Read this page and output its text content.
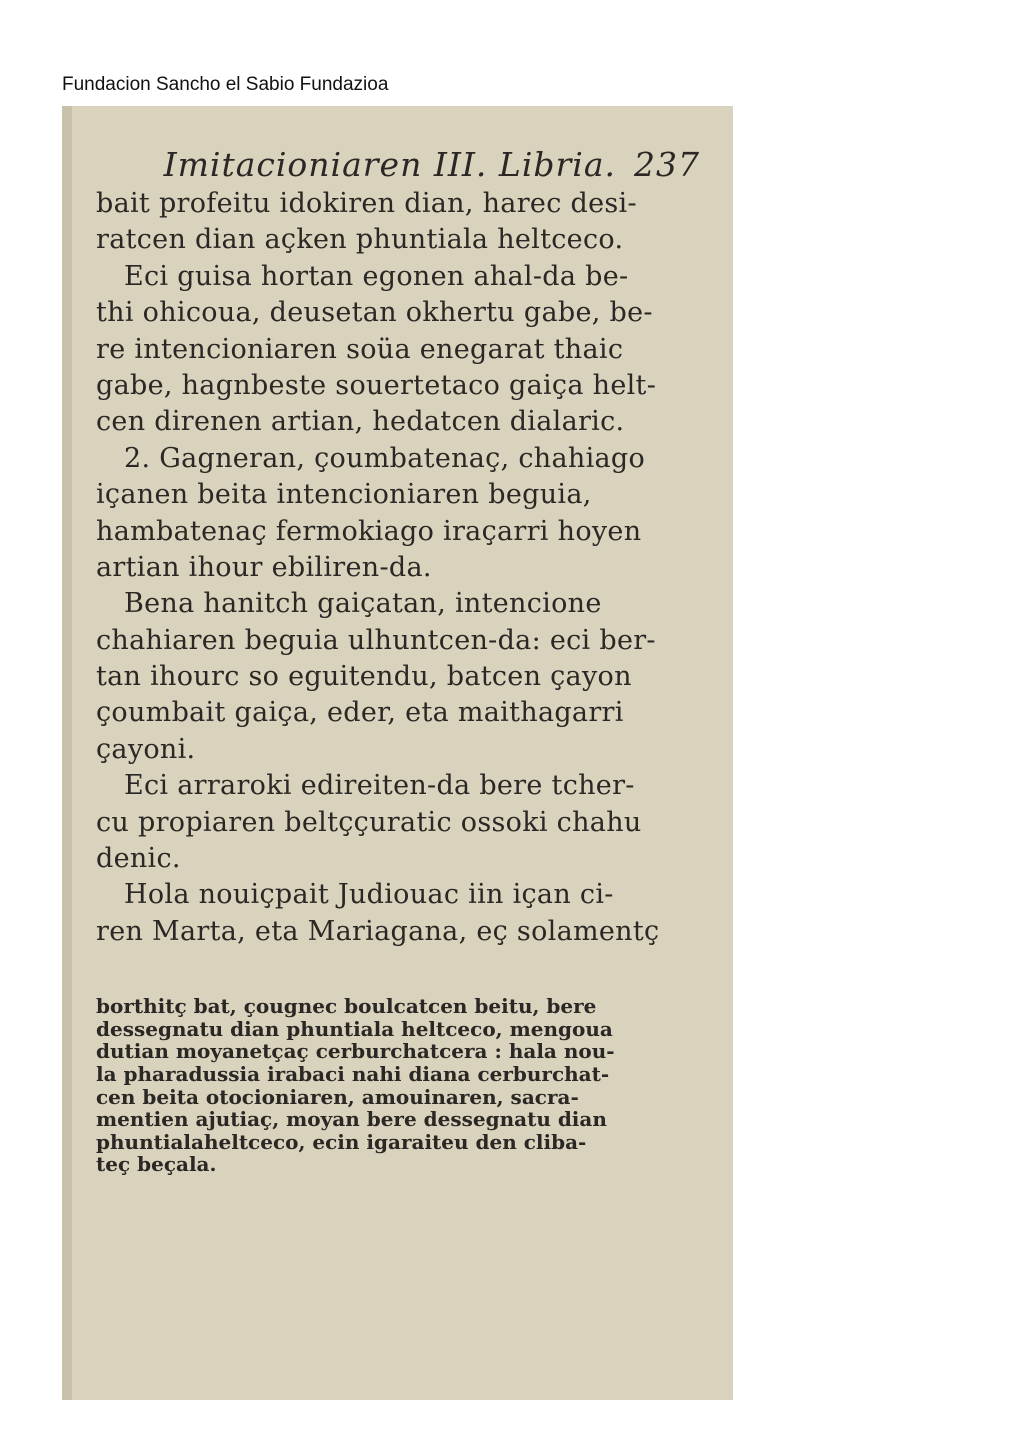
Fundacion Sancho el Sabio Fundazioa
Imitacioniaren III. Libria. 237
bait profeitu idokiren dian, harec desi-
ratcen dian açken phuntiala heltceco.
Eci guisa hortan egonen ahal-da be-
thi ohicoua, deusetan okhertu gabe, be-
re intencioniaren soüa enegarat thaic
gabe, hagnbeste souertetaco gaiça helt-
cen direnen artian, hedatcen dialaric.
2. Gagneran, çoumbatenaç, chahiago
içanen beita intencioniaren beguia,
hambatenaç fermokiago iraçarri hoyen
artian ihour ebiliren-da.
Bena hanitch gaiçatan, intencione
chahiaren beguia ulhuntcen-da: eci ber-
tan ihourc so eguitendu, batcen çayon
çoumbait gaiça, eder, eta maithagarri
çayoni.
Eci arraroki edireiten-da bere tcher-
cu propiaren beltççuratic ossoki chahu
denic.
Hola nouiçpait Judiouac iin içan ci-
ren Marta, eta Mariagana, eç solamentç
borthitç bat, çougnec boulcatcen beitu, bere
dessegnatu dian phuntiala heltceco, mengoua
dutian moyanetçaç cerburchatcera : hala nou-
la pharadussia irabaci nahi diana cerburchat-
cen beita otocioniaren, amouinaren, sacra-
mentien ajutiaç, moyan bere dessegnatu dian
phuntialaheltceco, ecin igaraiteu den cliba-
teç beçala.
